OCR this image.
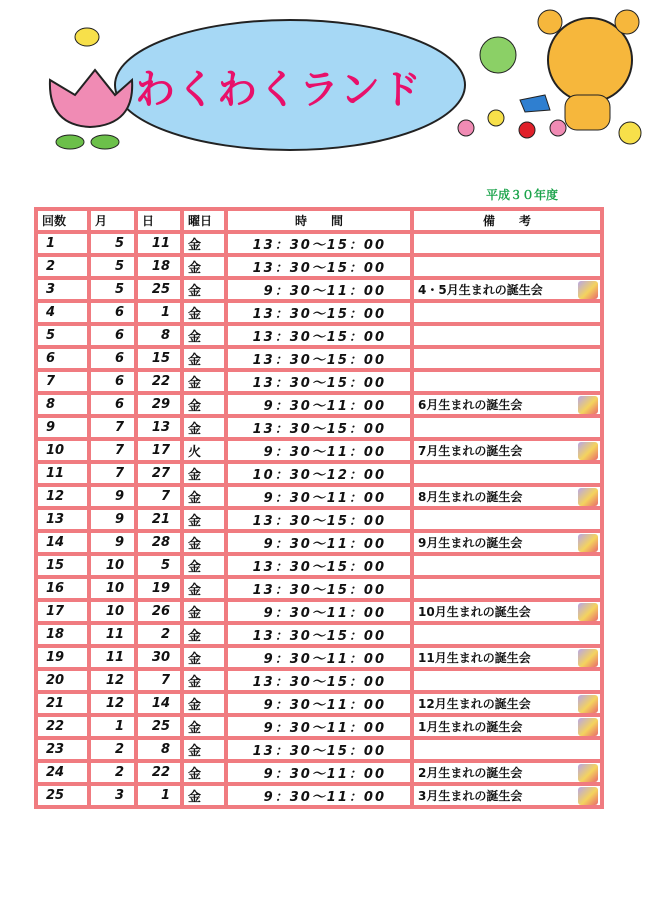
わくわくランド
平成３０年度
回数	月	日	曜日	時　　間	備　　考
1	5	11	金	13：30～15：00	
2	5	18	金	13：30～15：00	
3	5	25	金	9：30～11：00	4・5月生まれの誕生会

4	6	1	金	13：30～15：00	
5	6	8	金	13：30～15：00	
6	6	15	金	13：30～15：00	
7	6	22	金	13：30～15：00	
8	6	29	金	9：30～11：00	6月生まれの誕生会

9	7	13	金	13：30～15：00	
10	7	17	火	9：30～11：00	7月生まれの誕生会

11	7	27	金	10：30～12：00	
12	9	7	金	9：30～11：00	8月生まれの誕生会

13	9	21	金	13：30～15：00	
14	9	28	金	9：30～11：00	9月生まれの誕生会

15	10	5	金	13：30～15：00	
16	10	19	金	13：30～15：00	
17	10	26	金	9：30～11：00	10月生まれの誕生会

18	11	2	金	13：30～15：00	
19	11	30	金	9：30～11：00	11月生まれの誕生会

20	12	7	金	13：30～15：00	
21	12	14	金	9：30～11：00	12月生まれの誕生会

22	1	25	金	9：30～11：00	1月生まれの誕生会

23	2	8	金	13：30～15：00	
24	2	22	金	9：30～11：00	2月生まれの誕生会

25	3	1	金	9：30～11：00	3月生まれの誕生会
